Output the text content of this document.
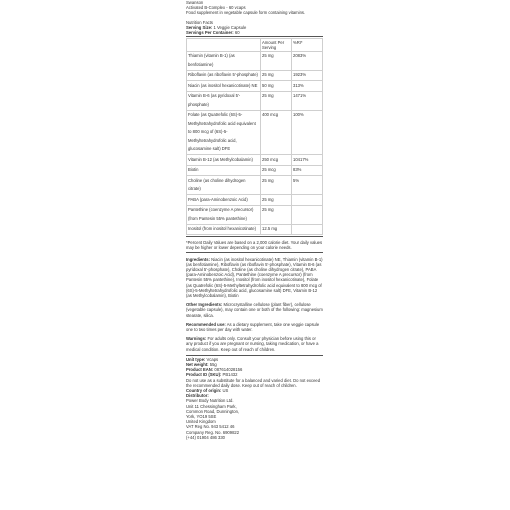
Swanson
Activated B-Complex - 60 vcaps
Food supplement in vegetable capsule form containing vitamins.
Nutrition Facts
Serving Size: 1 Veggie Capsule
Servings Per Container: 60
	Amount Per Serving	%RI*
Thiamin (vitamin B-1) (as benfotiamine)	25 mg	2083%
Riboflavin (as riboflavin 5'-phosphate)	25 mg	1923%
Niacin (as inositol hexanicotinate) NE	50 mg	313%
Vitamin B-6 (as pyridoxal 5'-phosphate)	25 mg	1471%
Folate (as Quatrefolic (6S)-5-Methyltetrahydrofolic acid equivalent to 800 mcg of (6S)-5-Methyltetrahydrofolic acid, glucosamine salt) DFE	400 mcg	100%
Vitamin B-12 (as Methylcobalamin)	250 mcg	10417%
Biotin	25 mcg	83%
Choline (as choline dihydrogen citrate)	25 mg	5%
PABA (para-Aminobenzoic Acid)	25 mg	
Pantethine (coenzyme A precursor) (from Pantesin 55% pantethine)	25 mg	
Inositol (from inositol hexanicotinate)	12.5 mg	
*Percent Daily Values are based on a 2,000 calorie diet. Your daily values may be higher or lower depending on your calorie needs.
Ingredients: Niacin (as inositol hexanicotinate) NE, Thiamin (vitamin B-1) (as benfotiamine), Riboflavin (as riboflavin 5'-phosphate), Vitamin B-6 (as pyridoxal 5'-phosphate), Choline (as choline dihydrogen citrate), PABA (para-Aminobenzoic Acid), Pantethine (coenzyme A precursor) (from Pantesin 55% pantethine), Inositol (from inositol hexanicotinate), Folate (as Quatrefolic (6S)-5-Methyltetrahydrofolic acid equivalent to 800 mcg of (6S)-5-Methyltetrahydrofolic acid, glucosamine salt) DFE, Vitamin B-12 (as Methylcobalamin), Biotin
Other Ingredients: Microcrystalline cellulose (plant fiber), cellulose (vegetable capsule), may contain one or both of the following: magnesium stearate, silica.
Recommended use: As a dietary supplement, take one veggie capsule one to two times per day with water.
Warnings: For adults only. Consult your physician before using this or any product if you are pregnant or nursing, taking medication, or have a medical condition. Keep out of reach of children.
Unit type: Vcaps
Net weight: 55g
Product EAN: 087614028156
Product ID (SKU): PB1432
Do not use as a substitute for a balanced and varied diet. Do not exceed the recommended daily dose. Keep out of reach of children.
Country of origin: US
Distributor:
Power Body Nutrition Ltd.
Unit 11 Chessingham Park,
Common Road, Dunnington,
York, YO19 5SE
United Kingdom
VAT Reg No. 943 5412 46
Company Reg. No. 6909822
(+44) 01904 486 330
